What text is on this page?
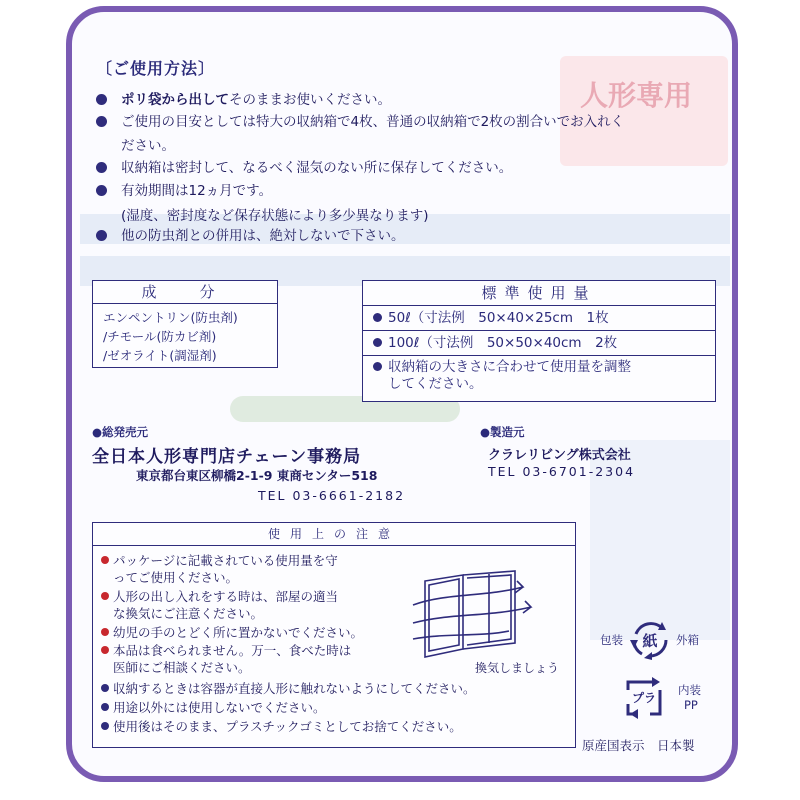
人形専用
〔ご使用方法〕
ポリ袋から出してそのままお使いください。
ご使用の目安としては特大の収納箱で4枚、普通の収納箱で2枚の割合いでお入れく
ださい。
収納箱は密封して、なるべく湿気のない所に保存してください。
有効期間は12ヵ月です。
(湿度、密封度など保存状態により多少異なります)
他の防虫剤との併用は、絶対しないで下さい。
成　分
エンペントリン(防虫剤)
/チモール(防カビ剤)
/ゼオライト(調湿剤)
標準使用量
50ℓ（寸法例　50×40×25cm　1枚
100ℓ（寸法例　50×50×40cm　2枚
収納箱の大きさに合わせて使用量を調整
してください。
●総発売元
全日本人形専門店チェーン事務局
東京都台東区柳橋2-1-9 東商センター518
TEL 03-6661-2182
●製造元
クラレリビング株式会社
TEL 03-6701-2304
使用上の注意
パッケージに記載されている使用量を守
ってご使用ください。
人形の出し入れをする時は、部屋の適当
な換気にご注意ください。
幼児の手のとどく所に置かないでください。
本品は食べられません。万一、食べた時は
医師にご相談ください。
収納するときは容器が直接人形に触れないようにしてください。
用途以外には使用しないでください。
使用後はそのまま、プラスチックゴミとしてお捨てください。
換気しましょう
包装	紙	外箱
プラ
内装
PP
原産国表示　日本製
